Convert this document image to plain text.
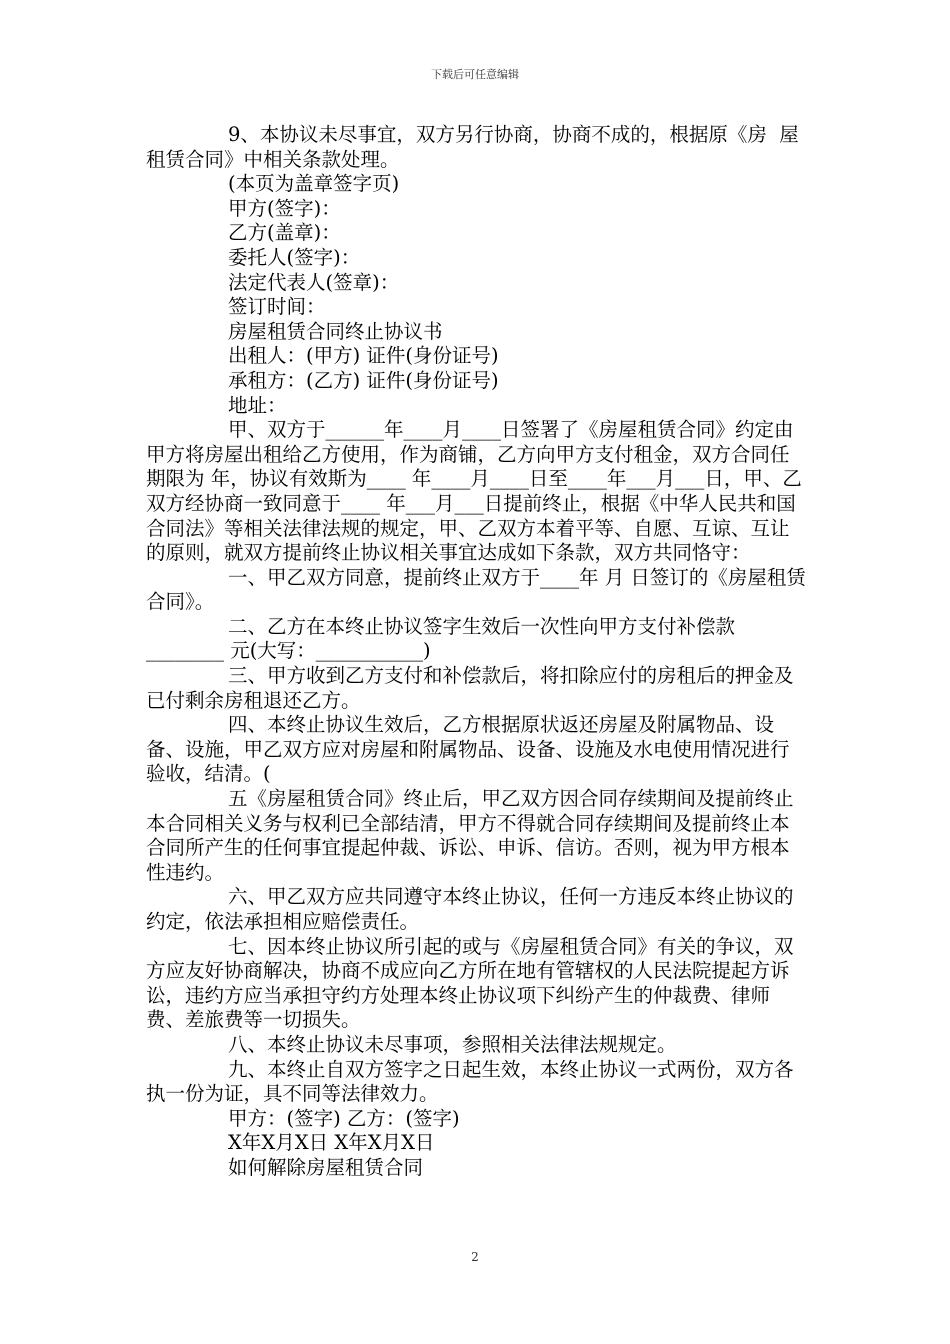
下载后可任意编辑

9、本协议未尽事宜，双方另行协商，协商不成的，根据原《房  屋租赁合同》中相关条款处理。

(本页为盖章签字页)

甲方(签字)：

乙方(盖章)：

委托人(签字)：

法定代表人(签章)：

签订时间：

房屋租赁合同终止协议书

出租人：(甲方) 证件(身份证号)

承租方：(乙方) 证件(身份证号)

地址：

甲、双方于______年____月____日签署了《房屋租赁合同》约定由甲方将房屋出租给乙方使用，作为商铺，乙方向甲方支付租金，双方合同任期限为 年，协议有效斯为____ 年____月____日至____年___月___日，甲、乙双方经协商一致同意于____ 年___月___日提前终止，根据《中华人民共和国合同法》等相关法律法规的规定，甲、乙双方本着平等、自愿、互谅、互让的原则，就双方提前终止协议相关事宜达成如下条款，双方共同恪守：

一、甲乙双方同意，提前终止双方于____年 月 日签订的《房屋租赁合同》。

二、乙方在本终止协议签字生效后一次性向甲方支付补偿款________ 元(大写：___________)

三、甲方收到乙方支付和补偿款后，将扣除应付的房租后的押金及已付剩余房租退还乙方。

四、本终止协议生效后，乙方根据原状返还房屋及附属物品、设备、设施，甲乙双方应对房屋和附属物品、设备、设施及水电使用情况进行验收，结清。(

五《房屋租赁合同》终止后，甲乙双方因合同存续期间及提前终止本合同相关义务与权利已全部结清，甲方不得就合同存续期间及提前终止本合同所产生的任何事宜提起仲裁、诉讼、申诉、信访。否则，视为甲方根本性违约。

六、甲乙双方应共同遵守本终止协议，任何一方违反本终止协议的约定，依法承担相应赔偿责任。

七、因本终止协议所引起的或与《房屋租赁合同》有关的争议，双方应友好协商解决，协商不成应向乙方所在地有管辖权的人民法院提起方诉讼，违约方应当承担守约方处理本终止协议项下纠纷产生的仲裁费、律师费、差旅费等一切损失。

八、本终止协议未尽事项，参照相关法律法规规定。

九、本终止自双方签字之日起生效，本终止协议一式两份，双方各执一份为证，具不同等法律效力。

甲方：(签字) 乙方：(签字)

X年X月X日 X年X月X日

如何解除房屋租赁合同

2
